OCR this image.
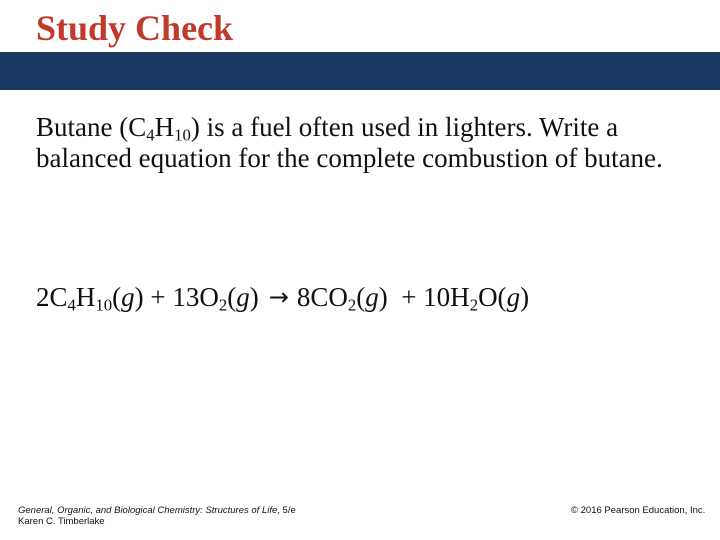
Study Check
Butane $(C_4H_{10})$ is a fuel often used in lighters. Write a balanced equation for the complete combustion of butane.
$2C_4H_{10}(g) + 13O_2(g) \to 8CO_2(g) + 10H_2O(g)$
General, Organic, and Biological Chemistry: Structures of Life, 5/e
Karen C. Timberlake
© 2016 Pearson Education, Inc.
